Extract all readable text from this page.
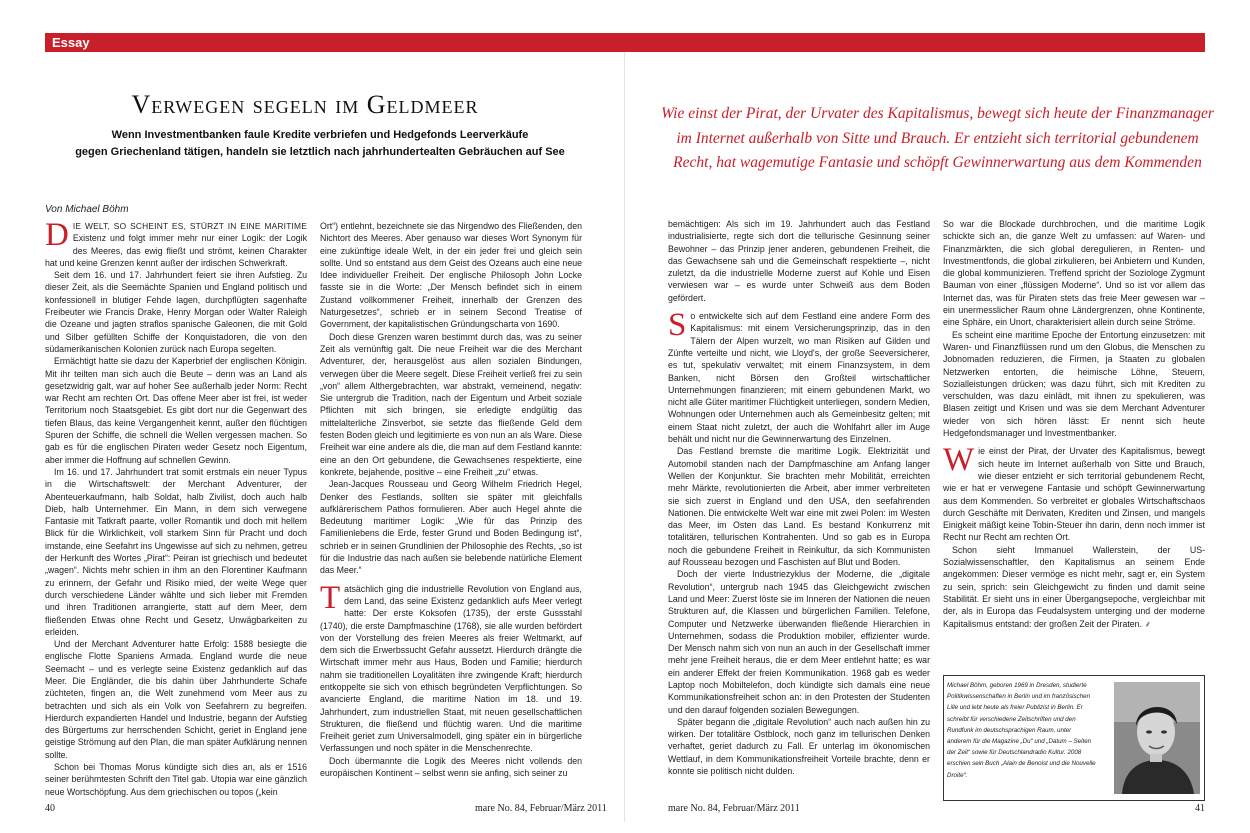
Essay
Verwegen segeln im Geldmeer
Wenn Investmentbanken faule Kredite verbriefen und Hedgefonds Leerverkäufe
gegen Griechenland tätigen, handeln sie letztlich nach jahrhundertealten Gebräuchen auf See
Wie einst der Pirat, der Urvater des Kapitalismus, bewegt sich heute der Finanzmanager im Internet außerhalb von Sitte und Brauch. Er entzieht sich territorial gebundenem Recht, hat wagemutige Fantasie und schöpft Gewinnerwartung aus dem Kommenden
Von Michael Böhm

DIE WELT, SO SCHEINT ES, STÜRZT IN EINE MARITIME Existenz und folgt immer mehr nur einer Logik: der Logik des Meeres, das ewig fließt und strömt, keinen Charakter hat und keine Grenzen kennt außer der irdischen Schwerkraft.

Seit dem 16. und 17. Jahrhundert feiert sie ihren Aufstieg. Zu dieser Zeit, als die Seemächte Spanien und England politisch und konfessionell in blutiger Fehde lagen, durchpflügten sagenhafte Freibeuter wie Francis Drake, Henry Morgan oder Walter Raleigh die Ozeane und jagten straflos spanische Galeonen, die mit Gold und Silber gefüllten Schiffe der Konquistadoren, die von den südamerikanischen Kolonien zurück nach Europa segelten.

Ermächtigt hatte sie dazu der Kaperbrief der englischen Königin. Mit ihr teilten man sich auch die Beute – denn was an Land als gesetzwidrig galt, war auf hoher See außerhalb jeder Norm: Recht war Recht am rechten Ort. Das offene Meer aber ist frei, ist weder Territorium noch Staatsgebiet. Es gibt dort nur die Gegenwart des tiefen Blaus, das keine Vergangenheit kennt, außer den flüchtigen Spuren der Schiffe, die schnell die Wellen vergessen machen. So gab es für die englischen Piraten weder Gesetz noch Eigentum, aber immer die Hoffnung auf schnellen Gewinn.

Im 16. und 17. Jahrhundert trat somit erstmals ein neuer Typus in die Wirtschaftswelt: der Merchant Adventurer, der Abenteuerkaufmann, halb Soldat, halb Zivilist, doch auch halb Dieb, halb Unternehmer. Ein Mann, in dem sich verwegene Fantasie mit Tatkraft paarte, voller Romantik und doch mit hellem Blick für die Wirklichkeit, voll starkem Sinn für Pracht und doch imstande, eine Seefahrt ins Ungewisse auf sich zu nehmen, getreu der Herkunft des Wortes „Pirat“: Peiran ist griechisch und bedeutet „wagen“. Nichts mehr schien in ihm an den Florentiner Kaufmann zu erinnern, der Gefahr und Risiko mied, der weite Wege quer durch verschiedene Länder wählte und sich lieber mit Fremden und ihren Traditionen arrangierte, statt auf dem Meer, dem fließenden Etwas ohne Recht und Gesetz, Unwägbarkeiten zu erleiden.

Und der Merchant Adventurer hatte Erfolg: 1588 besiegte die englische Flotte Spaniens Armada. England wurde die neue Seemacht – und es verlegte seine Existenz gedanklich auf das Meer. Die Engländer, die bis dahin über Jahrhunderte Schafe züchteten, fingen an, die Welt zunehmend vom Meer aus zu betrachten und sich als ein Volk von Seefahrern zu begreifen. Hierdurch expandierten Handel und Industrie, begann der Aufstieg des Bürgertums zur herrschenden Schicht, geriet in England jene geistige Strömung auf den Plan, die man später Aufklärung nennen sollte.

Schon bei Thomas Morus kündigte sich dies an, als er 1516 seiner berühmtesten Schrift den Titel gab. Utopia war eine gänzlich neue Wortschöpfung. Aus dem griechischen ou topos („kein

Ort“) entlehnt, bezeichnete sie das Nirgendwo des Fließenden, den Nichtort des Meeres. Aber genauso war dieses Wort Synonym für eine zukünftige ideale Welt, in der ein jeder frei und gleich sein sollte. Und so entstand aus dem Geist des Ozeans auch eine neue Idee individueller Freiheit. Der englische Philosoph John Locke fasste sie in die Worte: „Der Mensch befindet sich in einem Zustand vollkommener Freiheit, innerhalb der Grenzen des Naturgesetzes“, schrieb er in seinem Second Treatise of Government, der kapitalistischen Gründungscharta von 1690.

Doch diese Grenzen waren bestimmt durch das, was zu seiner Zeit als vernünftig galt. Die neue Freiheit war die des Merchant Adventurer, der, herausgelöst aus allen sozialen Bindungen, verwegen über die Meere segelt. Diese Freiheit verließ frei zu sein „von“ allem Althergebrachten, war abstrakt, verneinend, negativ: Sie untergrub die Tradition, nach der Eigentum und Arbeit soziale Pflichten mit sich bringen, sie erledigte endgültig das mittelalterliche Zinsverbot, sie setzte das fließende Geld dem festen Boden gleich und legitimierte es von nun an als Ware. Diese Freiheit war eine andere als die, die man auf dem Festland kannte: eine an den Ort gebundene, die Gewachsenes respektierte, eine konkrete, bejahende, positive – eine Freiheit „zu“ etwas.

Jean-Jacques Rousseau und Georg Wilhelm Friedrich Hegel, Denker des Festlands, sollten sie später mit gleichfalls aufklärerischem Pathos formulieren. Aber auch Hegel ahnte die Bedeutung maritimer Logik: „Wie für das Prinzip des Familienlebens die Erde, fester Grund und Boden Bedingung ist“, schrieb er in seinen Grundlinien der Philosophie des Rechts, „so ist für die Industrie das nach außen sie belebende natürliche Element das Meer.“

Tatsächlich ging die industrielle Revolution von England aus, dem Land, das seine Existenz gedanklich aufs Meer verlegt hatte: Der erste Koksofen (1735), der erste Gussstahl (1740), die erste Dampfmaschine (1768), sie alle wurden befördert von der Vorstellung des freien Meeres als freier Weltmarkt, auf dem sich die Erwerbssucht Gefahr aussetzt. Hierdurch drängte die Wirtschaft immer mehr aus Haus, Boden und Familie; hierdurch nahm sie traditionellen Loyalitäten ihre zwingende Kraft; hierdurch entkoppelte sie sich von ethisch begründeten Verpflichtungen. So avancierte England, die maritime Nation im 18. und 19. Jahrhundert, zum industriellen Staat, mit neuen gesellschaftlichen Strukturen, die fließend und flüchtig waren. Und die maritime Freiheit geriet zum Universalmodell, ging später ein in bürgerliche Verfassungen und noch später in die Menschenrechte.

Doch übermannte die Logik des Meeres nicht vollends den europäischen Kontinent – selbst wenn sie anfing, sich seiner zu

bemächtigen: Als sich im 19. Jahrhundert auch das Festland industrialisierte, regte sich dort die tellurische Gesinnung seiner Bewohner – das Prinzip jener anderen, gebundenen Freiheit, die das Gewachsene sah und die Gemeinschaft respektierte –, nicht zuletzt, da die industrielle Moderne zuerst auf Kohle und Eisen verwiesen war – es wurde unter Schweiß aus dem Boden gefördert.

So entwickelte sich auf dem Festland eine andere Form des Kapitalismus: mit einem Versicherungsprinzip, das in den Tälern der Alpen wurzelt, wo man Risiken auf Gilden und Zünfte verteilte und nicht, wie Lloyd's, der große Seeversicherer, es tut, spekulativ verwaltet; mit einem Finanzsystem, in dem Banken, nicht Börsen den Großteil wirtschaftlicher Unternehmungen finanzieren; mit einem gebundenen Markt, wo nicht alle Güter maritimer Flüchtigkeit unterliegen, sondern Medien, Wohnungen oder Unternehmen auch als Gemeinbesitz gelten; mit einem Staat nicht zuletzt, der auch die Wohlfahrt aller im Auge behält und nicht nur die Gewinnerwartung des Einzelnen.

Das Festland bremste die maritime Logik. Elektrizität und Automobil standen nach der Dampfmaschine am Anfang langer Wellen der Konjunktur. Sie brachten mehr Mobilität, erreichten mehr Märkte, revolutionierten die Arbeit, aber immer verbreiteten sie sich zuerst in England und den USA, den seefahrenden Nationen. Die entwickelte Welt war eine mit zwei Polen: im Westen das Meer, im Osten das Land. Es bestand Konkurrenz mit totalitären, tellurischen Kontrahenten. Und so gab es in Europa noch die gebundene Freiheit in Reinkultur, da sich Kommunisten auf Rousseau bezogen und Faschisten auf Blut und Boden.

Doch der vierte Industriezyklus der Moderne, die „digitale Revolution“, untergrub nach 1945 das Gleichgewicht zwischen Land und Meer: Zuerst löste sie im Inneren der Nationen die neuen Strukturen auf, die Klassen und bürgerlichen Familien. Telefone, Computer und Netzwerke überwanden fließende Hierarchien in Unternehmen, sodass die Produktion mobiler, effizienter wurde. Der Mensch nahm sich von nun an auch in der Gesellschaft immer mehr jene Freiheit heraus, die er dem Meer entlehnt hatte; es war ein anderer Effekt der freien Kommunikation. 1968 gab es weder Laptop noch Mobiltelefon, doch kündigte sich damals eine neue Kommunikationsfreiheit schon an: in den Protesten der Studenten und den darauf folgenden sozialen Bewegungen.

Später begann die „digitale Revolution“ auch nach außen hin zu wirken. Der totalitäre Ostblock, noch ganz im tellurischen Denken verhaftet, geriet dadurch zu Fall. Er unterlag im ökonomischen Wettlauf, in dem Kommunikationsfreiheit Vorteile brachte, denn er konnte sie politisch nicht dulden.

So war die Blockade durchbrochen, und die maritime Logik schickte sich an, die ganze Welt zu umfassen: auf Waren- und Finanzmärkten, die sich global deregulieren, in Renten- und Investmentfonds, die global zirkulieren, bei Anbietern und Kunden, die global kommunizieren. Treffend spricht der Soziologe Zygmunt Bauman von einer „flüssigen Moderne“. Und so ist vor allem das Internet das, was für Piraten stets das freie Meer gewesen war – ein unermesslicher Raum ohne Ländergrenzen, ohne Kontinente, eine Sphäre, ein Unort, charakterisiert allein durch seine Ströme.

Es scheint eine maritime Epoche der Entortung einzusetzen: mit Waren- und Finanzflüssen rund um den Globus, die Menschen zu Jobnomaden reduzieren, die Firmen, ja Staaten zu globalen Netzwerken entorten, die heimische Löhne, Steuern, Sozialleistungen drücken; was dazu führt, sich mit Krediten zu verschulden, was dazu einlädt, mit ihnen zu spekulieren, was Blasen zeitigt und Krisen und was sie dem Merchant Adventurer wieder von sich hören lässt: Er nennt sich heute Hedgefondsmanager und Investmentbanker.

Wie einst der Pirat, der Urvater des Kapitalismus, bewegt sich heute im Internet außerhalb von Sitte und Brauch, wie dieser entzieht er sich territorial gebundenem Recht, wie er hat er verwegene Fantasie und schöpft Gewinnerwartung aus dem Kommenden. So verbreitet er globales Wirtschaftschaos durch Geschäfte mit Derivaten, Krediten und Zinsen, und mangels Einigkeit mäßigt keine Tobin-Steuer ihn darin, denn noch immer ist Recht nur Recht am rechten Ort.

Schon sieht Immanuel Wallerstein, der US-Sozialwissenschaftler, den Kapitalismus an seinem Ende angekommen: Dieser vermöge es nicht mehr, sagt er, ein System zu sein, sprich: sein Gleichgewicht zu finden und damit seine Stabilität. Er sieht uns in einer Übergangsepoche, vergleichbar mit der, als in Europa das Feudalsystem unterging und der moderne Kapitalismus entstand: der großen Zeit der Piraten. ⸙

Michael Böhm, geboren 1969 in Dresden, studierte Politikwissenschaften in Berlin und im französischen Lille und lebt heute als freier Publizist in Berlin. Er schreibt für verschiedene Zeitschriften und den Rundfunk im deutschsprachigen Raum, unter anderem für die Magazine „Du“ und „Datum – Seiten der Zeit“ sowie für Deutschlandradio Kultur. 2008 erschien sein Buch „Alain de Benoist und die Nouvelle Droite“.
40	mare No. 84, Februar/März 2011	mare No. 84, Februar/März 2011	41
